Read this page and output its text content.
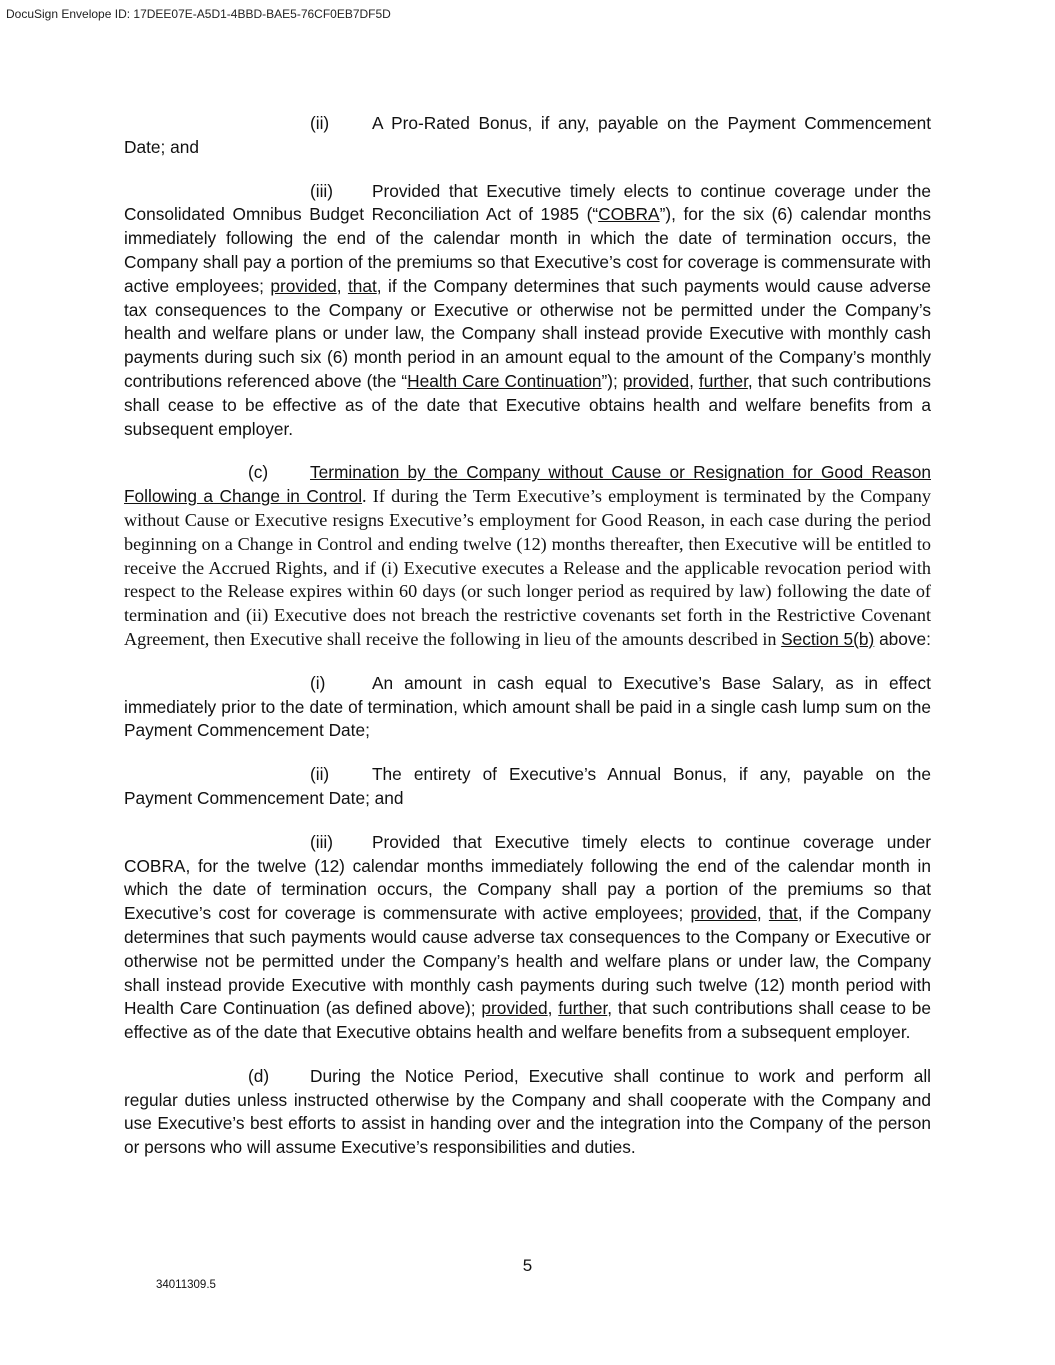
DocuSign Envelope ID: 17DEE07E-A5D1-4BBD-BAE5-76CF0EB7DF5D

(ii) A Pro-Rated Bonus, if any, payable on the Payment Commencement Date; and

(iii) Provided that Executive timely elects to continue coverage under the Consolidated Omnibus Budget Reconciliation Act of 1985 (“COBRA”), for the six (6) calendar months immediately following the end of the calendar month in which the date of termination occurs, the Company shall pay a portion of the premiums so that Executive’s cost for coverage is commensurate with active employees; provided, that, if the Company determines that such payments would cause adverse tax consequences to the Company or Executive or otherwise not be permitted under the Company’s health and welfare plans or under law, the Company shall instead provide Executive with monthly cash payments during such six (6) month period in an amount equal to the amount of the Company’s monthly contributions referenced above (the “Health Care Continuation”); provided, further, that such contributions shall cease to be effective as of the date that Executive obtains health and welfare benefits from a subsequent employer.

(c) Termination by the Company without Cause or Resignation for Good Reason Following a Change in Control. If during the Term Executive’s employment is terminated by the Company without Cause or Executive resigns Executive’s employment for Good Reason, in each case during the period beginning on a Change in Control and ending twelve (12) months thereafter, then Executive will be entitled to receive the Accrued Rights, and if (i) Executive executes a Release and the applicable revocation period with respect to the Release expires within 60 days (or such longer period as required by law) following the date of termination and (ii) Executive does not breach the restrictive covenants set forth in the Restrictive Covenant Agreement, then Executive shall receive the following in lieu of the amounts described in Section 5(b) above:

(i)	An amount in cash equal to Executive’s Base Salary, as in effect immediately prior to the date of termination, which amount shall be paid in a single cash lump sum on the Payment Commencement Date;

(ii) The entirety of Executive’s Annual Bonus, if any, payable on the Payment Commencement Date; and

(iii) Provided that Executive timely elects to continue coverage under COBRA, for the twelve (12) calendar months immediately following the end of the calendar month in which the date of termination occurs, the Company shall pay a portion of the premiums so that Executive’s cost for coverage is commensurate with active employees; provided, that, if the Company determines that such payments would cause adverse tax consequences to the Company or Executive or otherwise not be permitted under the Company’s health and welfare plans or under law, the Company shall instead provide Executive with monthly cash payments during such twelve (12) month period with Health Care Continuation (as defined above); provided, further, that such contributions shall cease to be effective as of the date that Executive obtains health and welfare benefits from a subsequent employer.

(d) During the Notice Period, Executive shall continue to work and perform all regular duties unless instructed otherwise by the Company and shall cooperate with the Company and use Executive’s best efforts to assist in handing over and the integration into the Company of the person or persons who will assume Executive’s responsibilities and duties.

5
34011309.5
